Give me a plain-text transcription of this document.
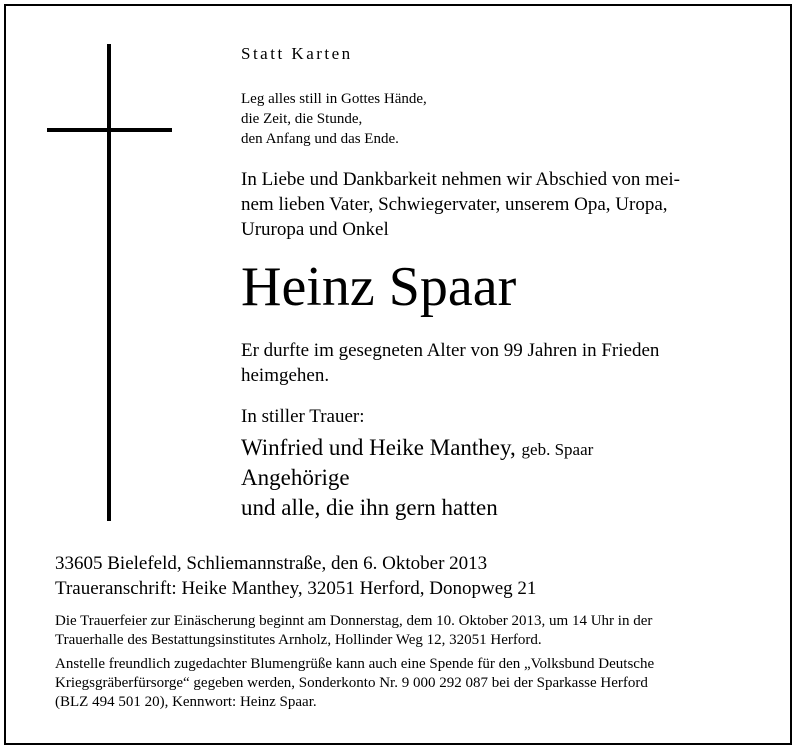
Statt Karten
Leg alles still in Gottes Hände,
die Zeit, die Stunde,
den Anfang und das Ende.
In Liebe und Dankbarkeit nehmen wir Abschied von mei-
nem lieben Vater, Schwiegervater, unserem Opa, Uropa,
Ururopa und Onkel
Heinz Spaar
Er durfte im gesegneten Alter von 99 Jahren in Frieden
heimgehen.
In stiller Trauer:
Winfried und Heike Manthey, geb. Spaar
Angehörige
und alle, die ihn gern hatten
33605 Bielefeld, Schliemannstraße, den 6. Oktober 2013
Traueranschrift: Heike Manthey, 32051 Herford, Donopweg 21
Die Trauerfeier zur Einäscherung beginnt am Donnerstag, dem 10. Oktober 2013, um 14 Uhr in der
Trauerhalle des Bestattungsinstitutes Arnholz, Hollinder Weg 12, 32051 Herford.
Anstelle freundlich zugedachter Blumengrüße kann auch eine Spende für den „Volksbund Deutsche
Kriegsgräberfürsorge“ gegeben werden, Sonderkonto Nr. 9 000 292 087 bei der Sparkasse Herford
(BLZ 494 501 20), Kennwort: Heinz Spaar.
